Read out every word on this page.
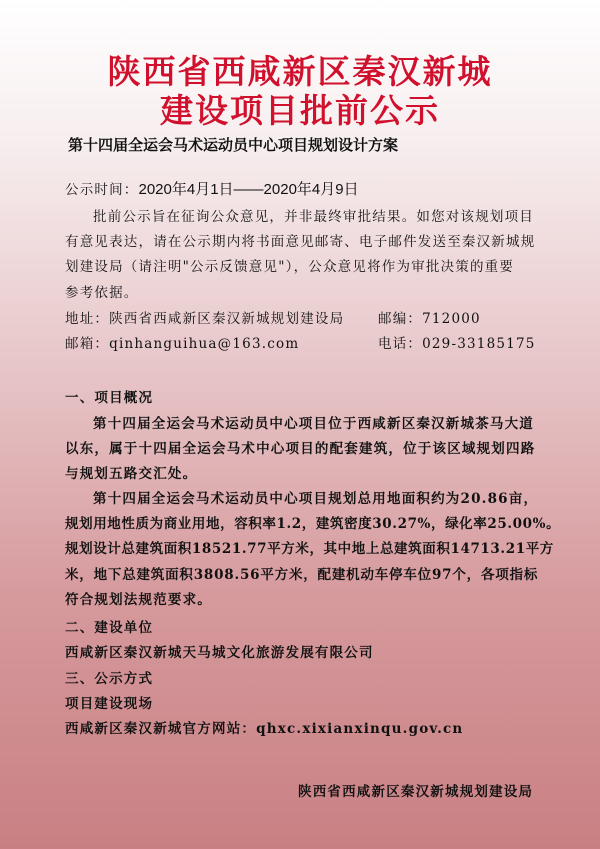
陕西省西咸新区秦汉新城
建设项目批前公示
第十四届全运会马术运动员中心项目规划设计方案
公示时间：2020年4月1日——2020年4月9日
批前公示旨在征询公众意见，并非最终审批结果。如您对该规划项目
有意见表达，请在公示期内将书面意见邮寄、电子邮件发送至秦汉新城规
划建设局（请注明"公示反馈意见"），公众意见将作为审批决策的重要
参考依据。
地址：陕西省西咸新区秦汉新城规划建设局 邮编：712000
邮箱：qinhanguihua@163.com	电话：029-33185175
一、项目概况
第十四届全运会马术运动员中心项目位于西咸新区秦汉新城茶马大道
以东，属于十四届全运会马术中心项目的配套建筑，位于该区域规划四路
与规划五路交汇处。
第十四届全运会马术运动员中心项目规划总用地面积约为20.86亩，
规划用地性质为商业用地，容积率1.2，建筑密度30.27%，绿化率25.00%。
规划设计总建筑面积18521.77平方米，其中地上总建筑面积14713.21平方
米，地下总建筑面积3808.56平方米，配建机动车停车位97个，各项指标
符合规划法规范要求。
二、建设单位
西咸新区秦汉新城天马城文化旅游发展有限公司
三、公示方式
项目建设现场
西咸新区秦汉新城官方网站：qhxc.xixianxinqu.gov.cn
陕西省西咸新区秦汉新城规划建设局
